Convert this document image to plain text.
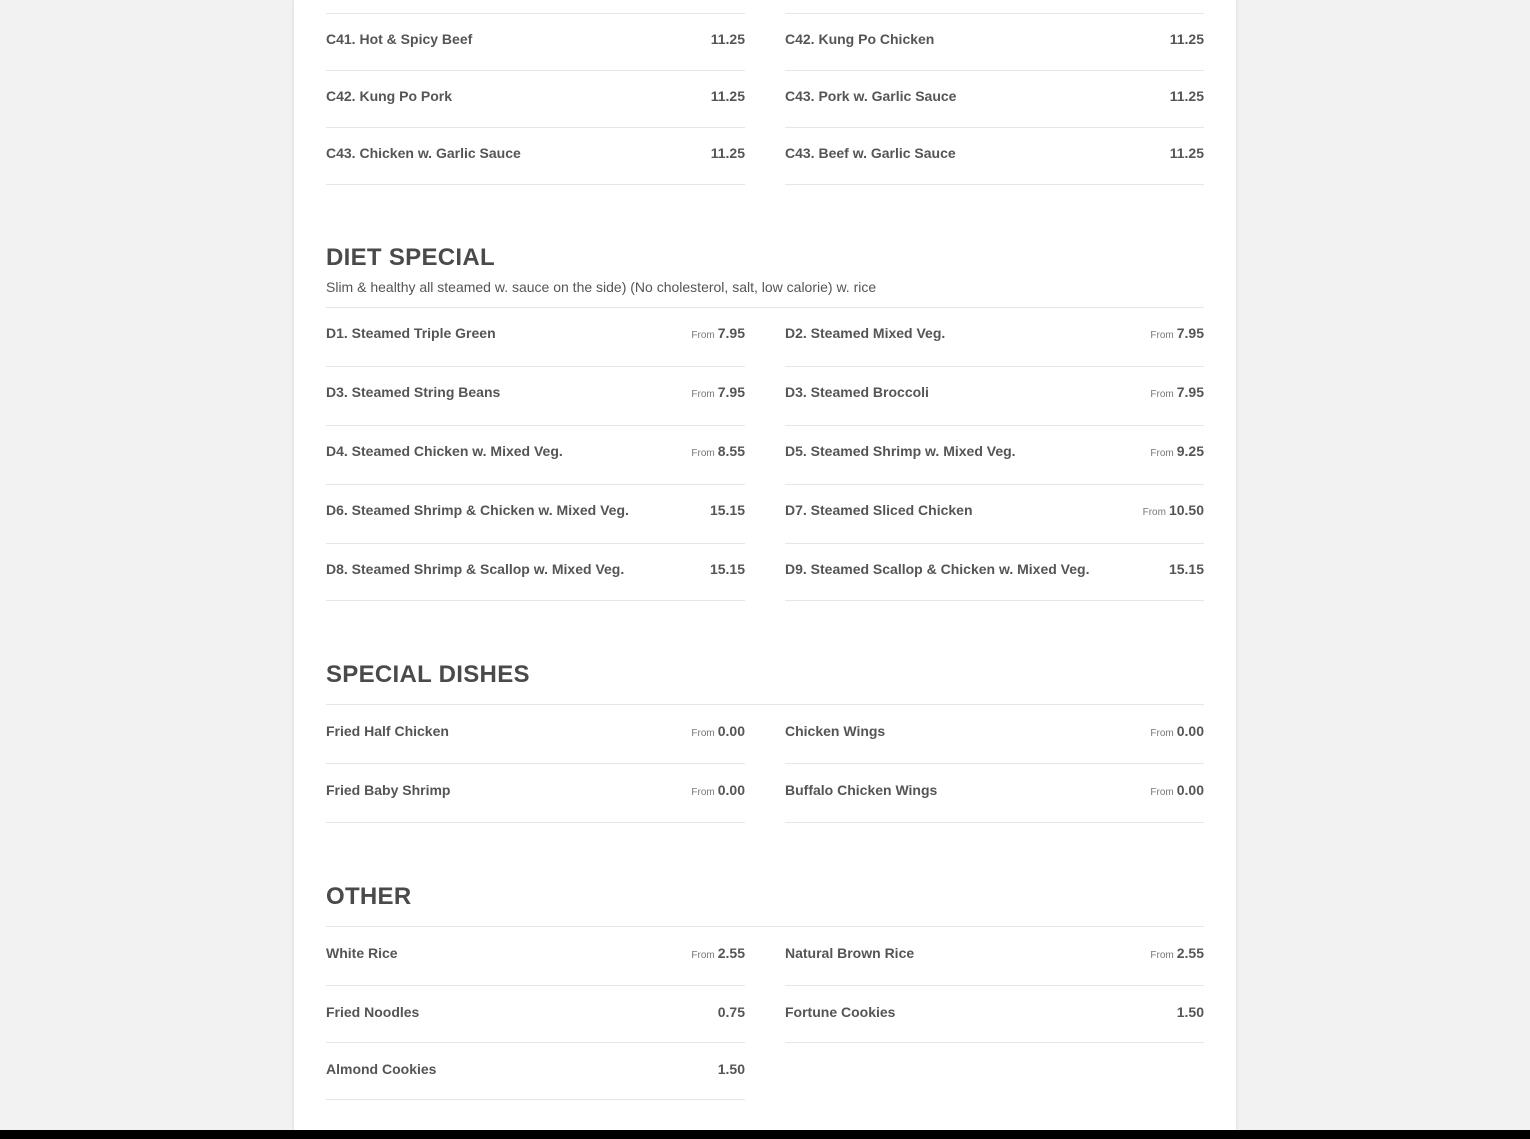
C41. Hot & Spicy Beef	11.25
C42. Kung Po Pork	11.25
C43. Chicken w. Garlic Sauce	11.25
C42. Kung Po Chicken	11.25
C43. Pork w. Garlic Sauce	11.25
C43. Beef w. Garlic Sauce	11.25
DIET SPECIAL

Slim & healthy all steamed w. sauce on the side) (No cholesterol, salt, low calorie) w. rice

D1. Steamed Triple Green	From 7.95
D3. Steamed String Beans	From 7.95
D4. Steamed Chicken w. Mixed Veg.	From 8.55
D6. Steamed Shrimp & Chicken w. Mixed Veg.	15.15
D8. Steamed Shrimp & Scallop w. Mixed Veg.	15.15
D2. Steamed Mixed Veg.	From 7.95
D3. Steamed Broccoli	From 7.95
D5. Steamed Shrimp w. Mixed Veg.	From 9.25
D7. Steamed Sliced Chicken	From 10.50
D9. Steamed Scallop & Chicken w. Mixed Veg.	15.15
SPECIAL DISHES
Fried Half Chicken	From 0.00
Fried Baby Shrimp	From 0.00
Chicken Wings	From 0.00
Buffalo Chicken Wings	From 0.00
OTHER
White Rice	From 2.55
Fried Noodles	0.75
Almond Cookies	1.50
Natural Brown Rice	From 2.55
Fortune Cookies	1.50
